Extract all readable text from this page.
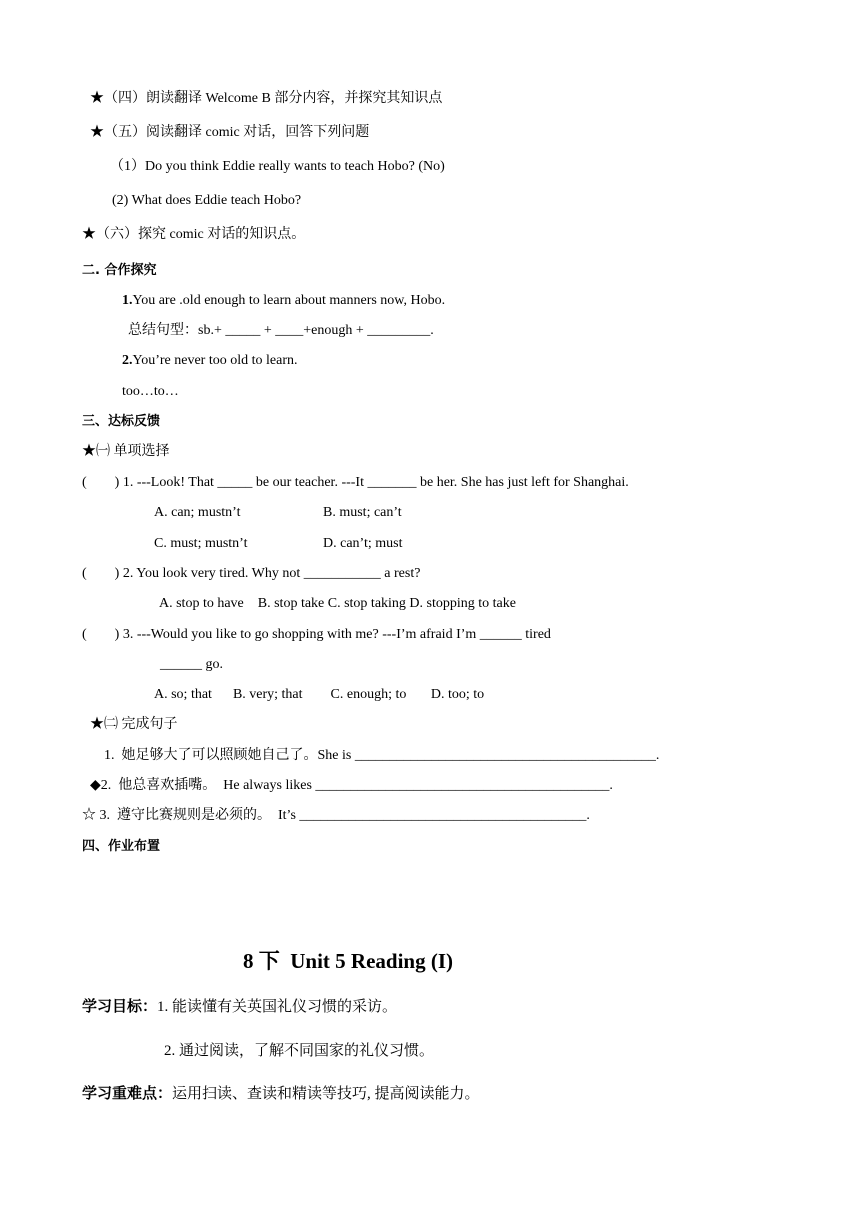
★（四）朗读翻译 Welcome B 部分内容，并探究其知识点
★（五）阅读翻译 comic 对话，回答下列问题
（1）Do you think Eddie really wants to teach Hobo? (No)
(2) What does Eddie teach Hobo?
★（六）探究 comic 对话的知识点。
二. 合作探究
1.You are .old enough to learn about manners now, Hobo.
总结句型：sb.+ _____ + ____+enough + _________.
2.You’re never too old to learn.
too…to…
三、达标反馈
★㈠ 单项选择
(        ) 1. ---Look! That _____ be our teacher. ---It _______ be her. She has just left for Shanghai.
A. can; mustn’t	B. must; can’t
C. must; mustn’t	D. can’t; must
(        ) 2. You look very tired. Why not ___________ a rest?
A. stop to have    B. stop take C. stop taking D. stopping to take
(        ) 3. ---Would you like to go shopping with me? ---I’m afraid I’m ______ tired
______ go.
A. so; that      B. very; that        C. enough; to       D. too; to
★㈡ 完成句子
1.  她足够大了可以照顾她自己了。She is ___________________________________________.
◆2.  他总喜欢插嘴。  He always likes __________________________________________.
☆ 3.  遵守比赛规则是必须的。  It’s _________________________________________.
四、作业布置
8 下  Unit 5 Reading (I)
学习目标：1. 能读懂有关英国礼仪习惯的采访。
2. 通过阅读，了解不同国家的礼仪习惯。
学习重难点：运用扫读、查读和精读等技巧, 提高阅读能力。
